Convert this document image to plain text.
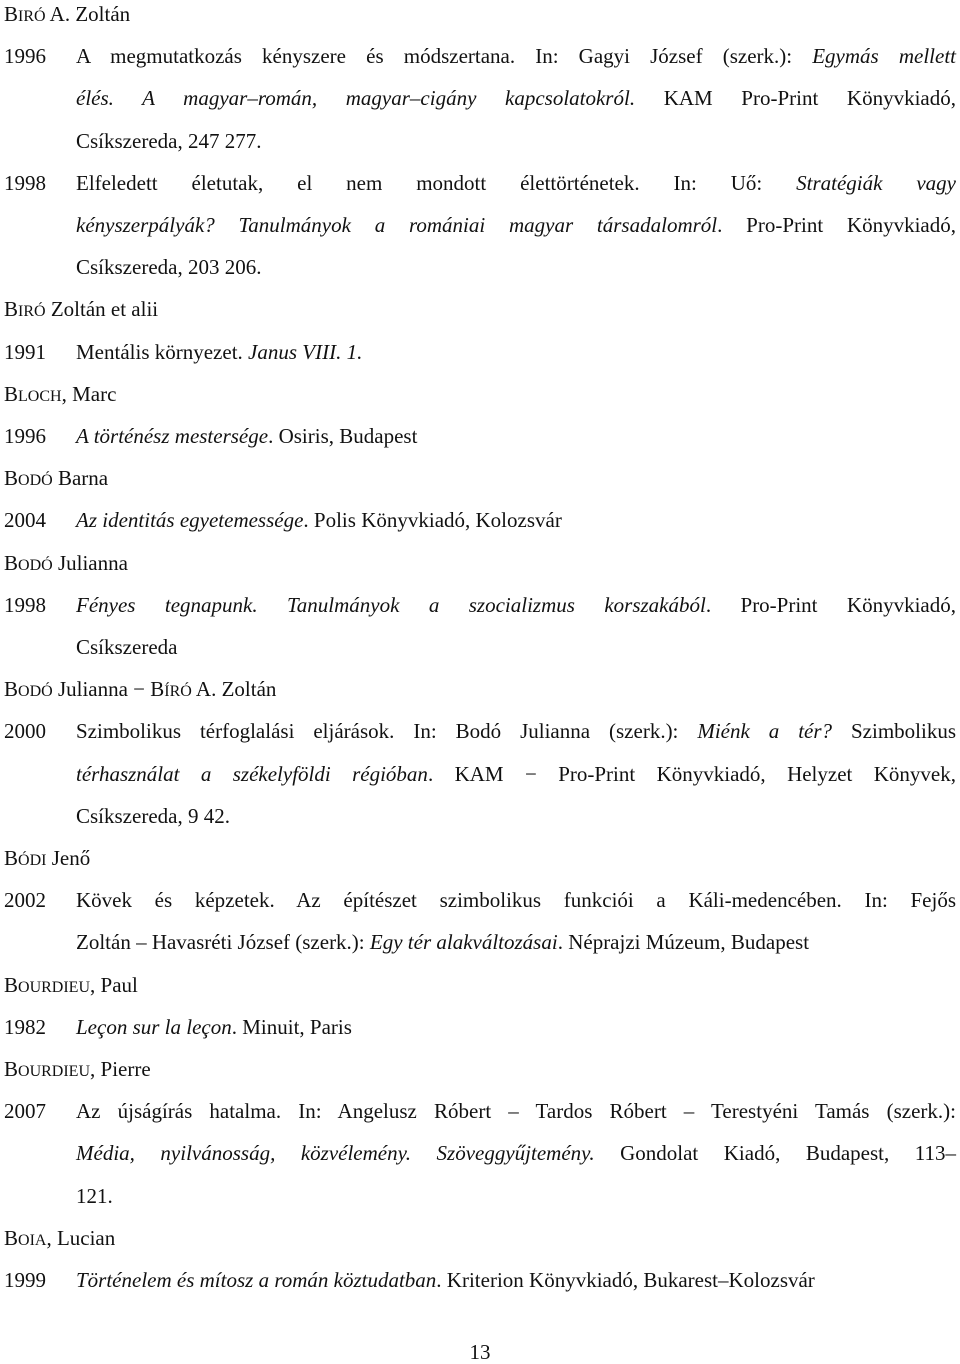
BIRÓ A. Zoltán
1996 A megmutatkozás kényszere és módszertana. In: Gagyi József (szerk.): Egymás mellett
élés. A magyar–román, magyar–cigány kapcsolatokról. KAM Pro-Print Könyvkiadó,
Csíkszereda, 247 277.
1998 Elfeledett életutak, el nem mondott élettörténetek. In: Uő: Stratégiák vagy
kényszerpályák? Tanulmányok a romániai magyar társadalomról. Pro-Print Könyvkiadó,
Csíkszereda, 203 206.
BIRÓ Zoltán et alii
1991 Mentális környezet. Janus VIII. 1.
BLOCH, Marc
1996 A történész mestersége. Osiris, Budapest
BODÓ Barna
2004 Az identitás egyetemessége. Polis Könyvkiadó, Kolozsvár
BODÓ Julianna
1998 Fényes tegnapunk. Tanulmányok a szocializmus korszakából. Pro-Print Könyvkiadó,
Csíkszereda
BODÓ Julianna − BÍRÓ A. Zoltán
2000 Szimbolikus térfoglalási eljárások. In: Bodó Julianna (szerk.): Miénk a tér? Szimbolikus
térhasználat a székelyföldi régióban. KAM − Pro-Print Könyvkiadó, Helyzet Könyvek,
Csíkszereda, 9 42.
BÓDI Jenő
2002 Kövek és képzetek. Az építészet szimbolikus funkciói a Káli-medencében. In: Fejős
Zoltán – Havasréti József (szerk.): Egy tér alakváltozásai. Néprajzi Múzeum, Budapest
BOURDIEU, Paul
1982 Leçon sur la leçon. Minuit, Paris
BOURDIEU, Pierre
2007 Az újságírás hatalma. In: Angelusz Róbert – Tardos Róbert – Terestyéni Tamás (szerk.):
Média, nyilvánosság, közvélemény. Szöveggyűjtemény. Gondolat Kiadó, Budapest, 113–
121.
BOIA, Lucian
1999 Történelem és mítosz a román köztudatban. Kriterion Könyvkiadó, Bukarest–Kolozsvár
13
